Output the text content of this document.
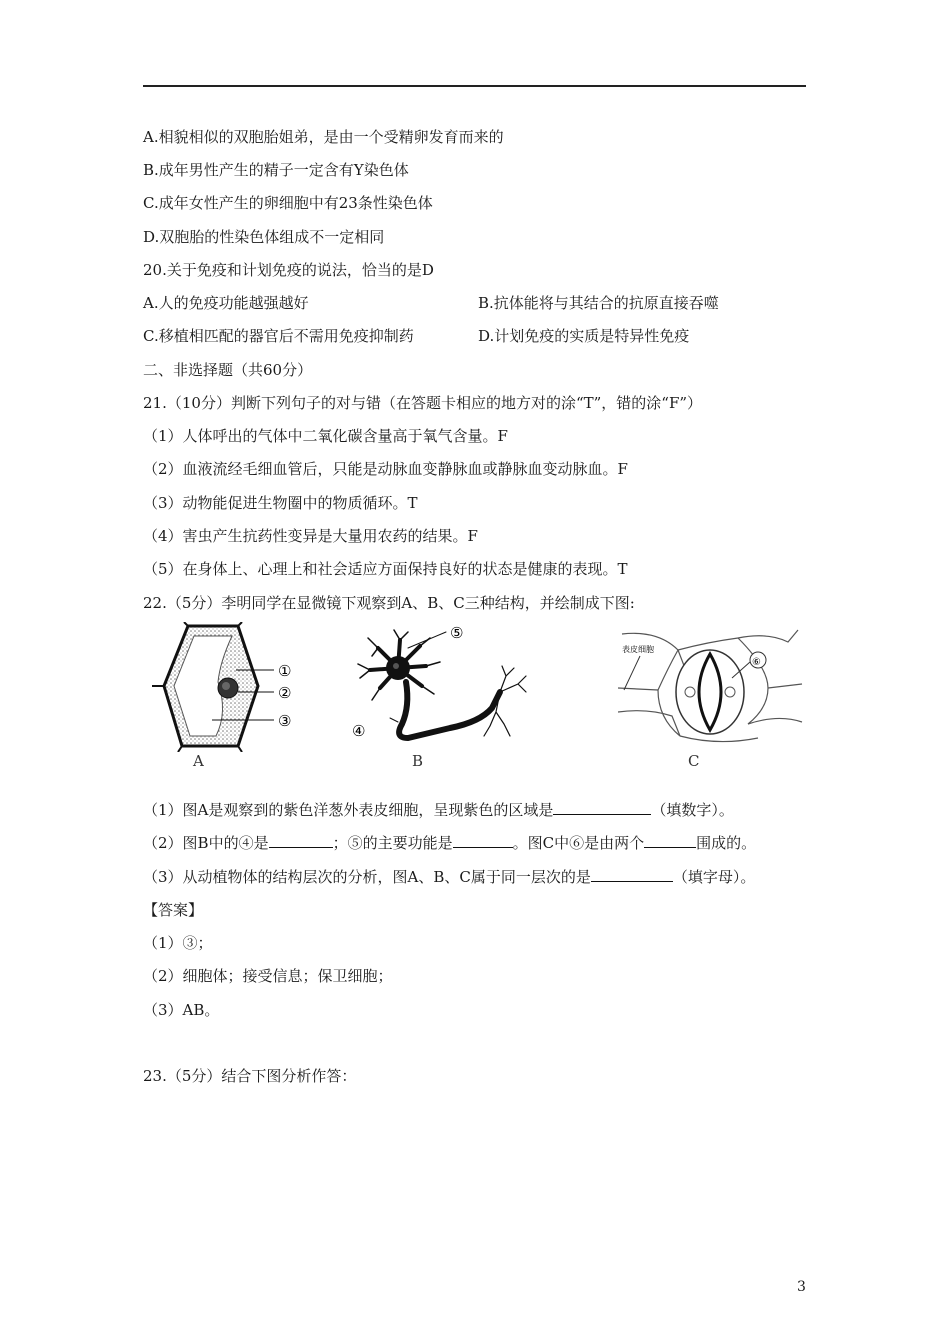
A.相貌相似的双胞胎姐弟，是由一个受精卵发育而来的
B.成年男性产生的精子一定含有Y染色体
C.成年女性产生的卵细胞中有23条性染色体
D.双胞胎的性染色体组成不一定相同
20.关于免疫和计划免疫的说法，恰当的是D
A.人的免疫功能越强越好	B.抗体能将与其结合的抗原直接吞噬
C.移植相匹配的器官后不需用免疫抑制药	D.计划免疫的实质是特异性免疫
二、非选择题（共60分）
21.（10分）判断下列句子的对与错（在答题卡相应的地方对的涂“T”，错的涂“F”）
（1）人体呼出的气体中二氧化碳含量高于氧气含量。F
（2）血液流经毛细血管后，只能是动脉血变静脉血或静脉血变动脉血。F
（3）动物能促进生物圈中的物质循环。T
（4）害虫产生抗药性变异是大量用农药的结果。F
（5）在身体上、心理上和社会适应方面保持良好的状态是健康的表现。T
22.（5分）李明同学在显微镜下观察到A、B、C三种结构，并绘制成下图:
①
②
③
A
⑤
④
B
表皮细胞
⑥
C
（1）图A是观察到的紫色洋葱外表皮细胞，呈现紫色的区域是	（填数字）。
（2）图B中的④是	；⑤的主要功能是	。图C中⑥是由两个	围成的。
（3）从动植物体的结构层次的分析，图A、B、C属于同一层次的是	（填字母）。
【答案】
（1）③；
（2）细胞体；接受信息；保卫细胞；
（3）AB。
23.（5分）结合下图分析作答：
3
